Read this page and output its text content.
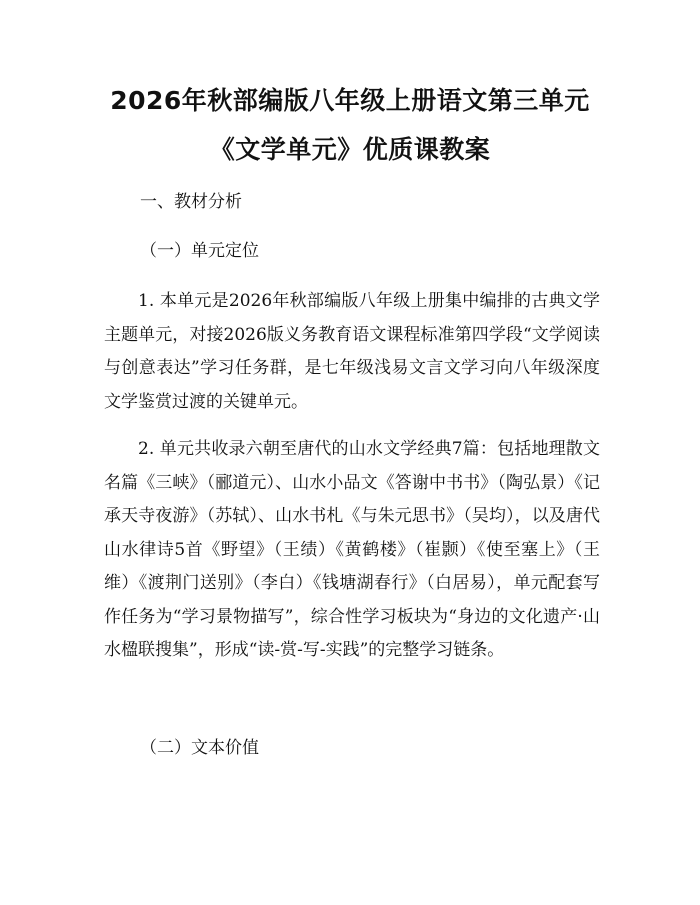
2026年秋部编版八年级上册语文第三单元
《文学单元》优质课教案
一、教材分析
（一）单元定位

1. 本单元是2026年秋部编版八年级上册集中编排的古典文学主题单元，对接2026版义务教育语文课程标准第四学段“文学阅读与创意表达”学习任务群，是七年级浅易文言文学习向八年级深度文学鉴赏过渡的关键单元。

2. 单元共收录六朝至唐代的山水文学经典7篇：包括地理散文名篇《三峡》（郦道元）、山水小品文《答谢中书书》（陶弘景）《记承天寺夜游》（苏轼）、山水书札《与朱元思书》（吴均），以及唐代山水律诗5首《野望》（王绩）《黄鹤楼》（崔颢）《使至塞上》（王维）《渡荆门送别》（李白）《钱塘湖春行》（白居易），单元配套写作任务为“学习景物描写”，综合性学习板块为“身边的文化遗产·山水楹联搜集”，形成“读-赏-写-实践”的完整学习链条。

（二）文本价值
